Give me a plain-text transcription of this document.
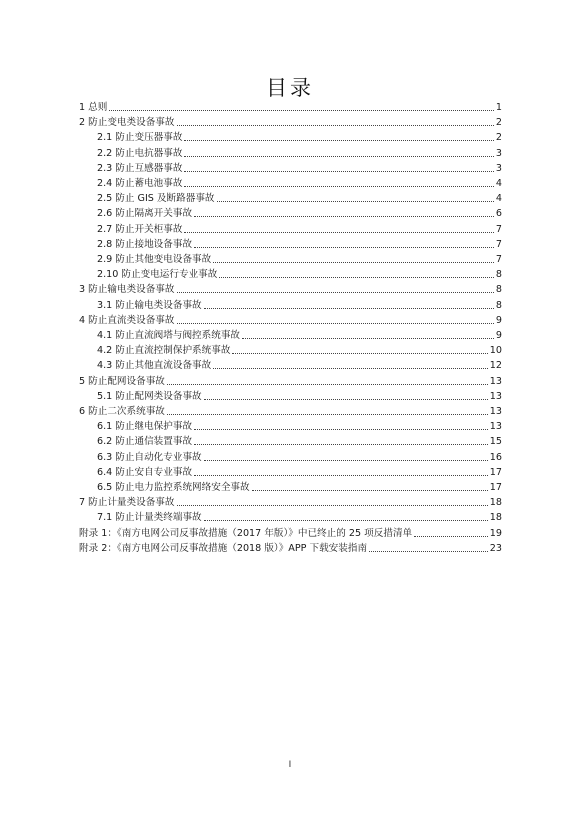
目录
1 总则	1
2 防止变电类设备事故	2
2.1 防止变压器事故	2
2.2 防止电抗器事故	3
2.3 防止互感器事故	3
2.4 防止蓄电池事故	4
2.5 防止 GIS 及断路器事故	4
2.6 防止隔离开关事故	6
2.7 防止开关柜事故	7
2.8 防止接地设备事故	7
2.9 防止其他变电设备事故	7
2.10 防止变电运行专业事故	8
3 防止输电类设备事故	8
3.1 防止输电类设备事故	8
4 防止直流类设备事故	9
4.1 防止直流阀塔与阀控系统事故	9
4.2 防止直流控制保护系统事故	10
4.3 防止其他直流设备事故	12
5 防止配网设备事故	13
5.1 防止配网类设备事故	13
6 防止二次系统事故	13
6.1 防止继电保护事故	13
6.2 防止通信装置事故	15
6.3 防止自动化专业事故	16
6.4 防止安自专业事故	17
6.5 防止电力监控系统网络安全事故	17
7 防止计量类设备事故	18
7.1 防止计量类终端事故	18
附录 1：《南方电网公司反事故措施（2017 年版）》中已终止的 25 项反措清单	19
附录 2：《南方电网公司反事故措施（2018 版）》APP 下载安装指南	23
I
